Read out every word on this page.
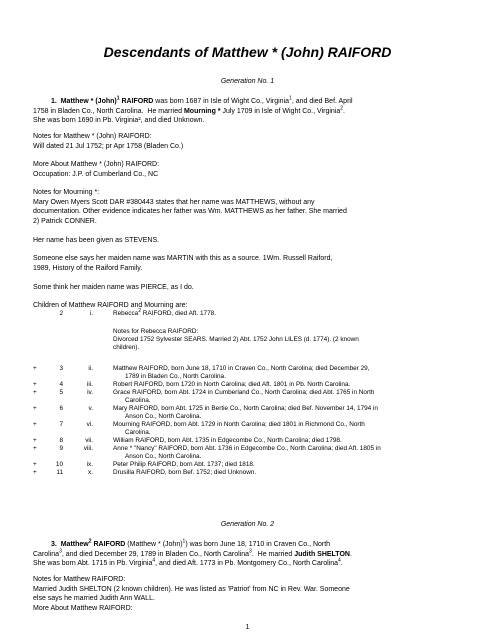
Descendants of Matthew * (John) RAIFORD
Generation No. 1

1.  Matthew * (John)$^1$ RAIFORD was born 1687 in Isle of Wight Co., Virginia$^1$, and died Bef. April

1758 in Bladen Co., North Carolina.  He married Mourning * July 1709 in Isle of Wight Co., Virginia$^2$.

She was born 1690 in Pb. Virginia², and died Unknown.

Notes for Matthew * (John) RAIFORD:

Will dated 21 Jul 1752; pr Apr 1758 (Bladen Co.)

More About Matthew * (John) RAIFORD:

Occupation: J.P. of Cumberland Co., NC

Notes for Mourning *:

Mary Owen Myers Scott DAR #380443 states that her name was MATTHEWS, without any

documentation. Other evidence indicates her father was Wm. MATTHEWS as her father. She married

2) Patrick CONNER.

Her name has been given as STEVENS.

Someone else says her maiden name was MARTIN with this as a source. 1Wm. Russell Raiford,

1989, History of the Raiford Family.

Some think her maiden name was PIERCE, as I do.
Children of Matthew RAIFORD and Mourning are:
2	i.	Rebecca$^2$ RAIFORD, died Aft. 1778.

Notes for Rebecca RAIFORD:

Divorced 1752 Sylvester SEARS. Married 2) Abt. 1752 John LILES (d. 1774). (2 known

children).

+	3	ii.	Matthew RAIFORD, born June 18, 1710 in Craven Co., North Carolina; died December 29,
1789 in Bladen Co., North Carolina.
+	4	iii.	Robert RAIFORD, born 1720 in North Carolina; died Aft. 1801 in Pb. North Carolina.
+	5	iv.	Grace RAIFORD, born Abt. 1724 in Cumberland Co., North Carolina; died Abt. 1765 in North
Carolina.
+	6	v.	Mary RAIFORD, born Abt. 1725 in Bertie Co., North Carolina; died Bef. November 14, 1794 in
Anson Co., North Carolina.
+	7	vi.	Mourning RAIFORD, born Abt. 1729 in North Carolina; died 1801 in Richmond Co., North
Carolina.
+	8	vii.	William RAIFORD, born Abt. 1735 in Edgecombe Co., North Carolina; died 1798.
+	9	viii.	Anne * "Nancy" RAIFORD, born Abt. 1736 in Edgecombe Co., North Carolina; died Aft. 1805 in
Anson Co., North Carolina.
+	10	ix.	Peter Philip RAIFORD, born Abt. 1737; died 1818.
+	11	x.	Drusilla RAIFORD, born Bef. 1752; died Unknown.
Generation No. 2

3.  Matthew$^2$ RAIFORD (Matthew * (John)$^1$) was born June 18, 1710 in Craven Co., North

Carolina$^3$, and died December 29, 1789 in Bladen Co., North Carolina$^3$.  He married Judith SHELTON.

She was born Abt. 1715 in Pb. Virginia$^4$, and died Aft. 1773 in Pb. Montgomery Co., North Carolina$^4$.

Notes for Matthew RAIFORD:

Married Judith SHELTON (2 known children). He was listed as 'Patriot' from NC in Rev. War. Someone

else says he married Judith Ann WALL.

More About Matthew RAIFORD:
1
